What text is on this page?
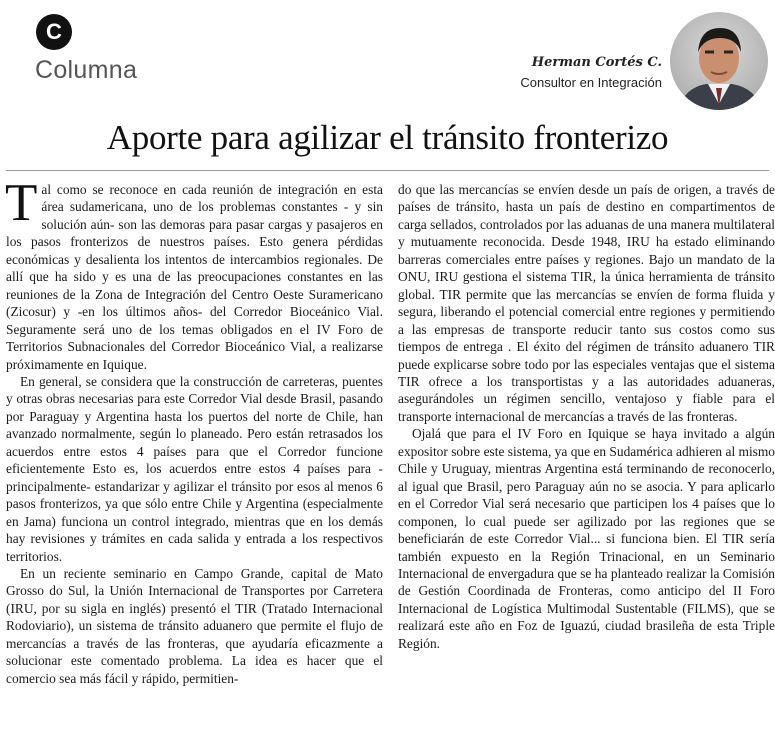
C
Columna	Herman Cortés C.
Consultor en Integración
Aporte para agilizar el tránsito fronterizo

Tal como se reconoce en cada reunión de integración en esta área sudamericana, uno de los problemas constantes - y sin solución aún- son las demoras para pasar cargas y pasajeros en los pasos fronterizos de nuestros países. Esto genera pérdidas económicas y desalienta los intentos de intercambios regionales. De allí que ha sido y es una de las preocupaciones constantes en las reuniones de la Zona de Integración del Centro Oeste Suramericano (Zicosur) y -en los últimos años- del Corredor Bioceánico Vial. Seguramente será uno de los temas obligados en el IV Foro de Territorios Subnacionales del Corredor Bioceánico Vial, a realizarse próximamente en Iquique.

En general, se considera que la construcción de carreteras, puentes y otras obras necesarias para este Corredor Vial desde Brasil, pasando por Paraguay y Argentina hasta los puertos del norte de Chile, han avanzado normalmente, según lo planeado. Pero están retrasados los acuerdos entre estos 4 países para que el Corredor funcione eficientemente Esto es, los acuerdos entre estos 4 países para -principalmente- estandarizar y agilizar el tránsito por esos al menos 6 pasos fronterizos, ya que sólo entre Chile y Argentina (especialmente en Jama) funciona un control integrado, mientras que en los demás hay revisiones y trámites en cada salida y entrada a los respectivos territorios.

En un reciente seminario en Campo Grande, capital de Mato Grosso do Sul, la Unión Internacional de Transportes por Carretera (IRU, por su sigla en inglés) presentó el TIR (Tratado Internacional Rodoviario), un sistema de tránsito aduanero que permite el flujo de mercancías a través de las fronteras, que ayudaría eficazmente a solucionar este comentado problema. La idea es hacer que el comercio sea más fácil y rápido, permitien-

do que las mercancías se envíen desde un país de origen, a través de países de tránsito, hasta un país de destino en compartimentos de carga sellados, controlados por las aduanas de una manera multilateral y mutuamente reconocida. Desde 1948, IRU ha estado eliminando barreras comerciales entre países y regiones. Bajo un mandato de la ONU, IRU gestiona el sistema TIR, la única herramienta de tránsito global. TIR permite que las mercancías se envíen de forma fluida y segura, liberando el potencial comercial entre regiones y permitiendo a las empresas de transporte reducir tanto sus costos como sus tiempos de entrega . El éxito del régimen de tránsito aduanero TIR puede explicarse sobre todo por las especiales ventajas que el sistema TIR ofrece a los transportistas y a las autoridades aduaneras, asegurándoles un régimen sencillo, ventajoso y fiable para el transporte internacional de mercancías a través de las fronteras.

Ojalá que para el IV Foro en Iquique se haya invitado a algún expositor sobre este sistema, ya que en Sudamérica adhieren al mismo Chile y Uruguay, mientras Argentina está terminando de reconocerlo, al igual que Brasil, pero Paraguay aún no se asocia. Y para aplicarlo en el Corredor Vial será necesario que participen los 4 países que lo componen, lo cual puede ser agilizado por las regiones que se beneficiarán de este Corredor Vial... si funciona bien. El TIR sería también expuesto en la Región Trinacional, en un Seminario Internacional de envergadura que se ha planteado realizar la Comisión de Gestión Coordinada de Fronteras, como anticipo del II Foro Internacional de Logística Multimodal Sustentable (FILMS), que se realizará este año en Foz de Iguazú, ciudad brasileña de esta Triple Región.
